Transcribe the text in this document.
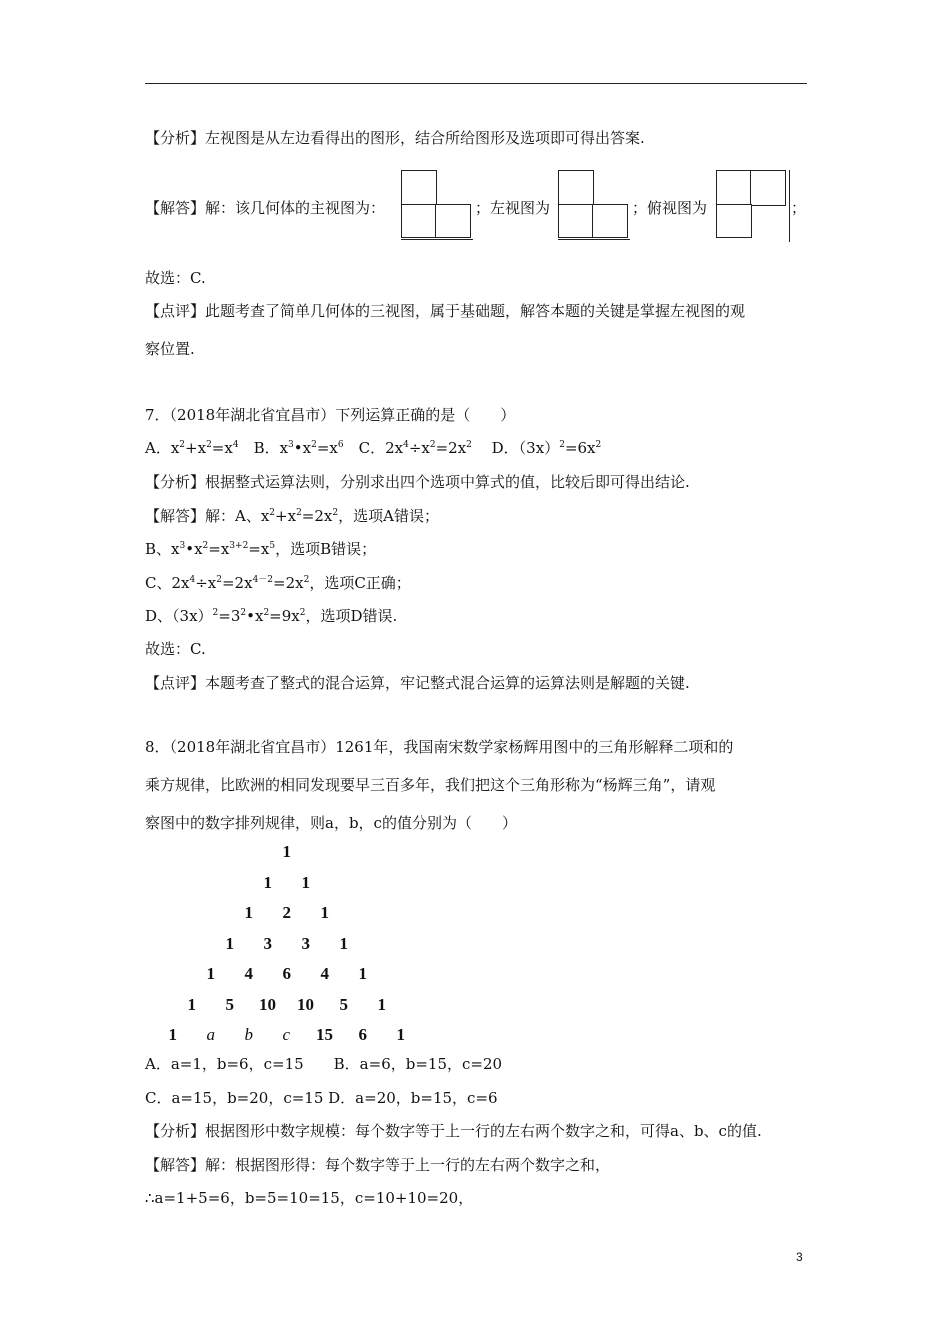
【分析】左视图是从左边看得出的图形，结合所给图形及选项即可得出答案.
【解答】解：该几何体的主视图为：	；左视图为	；俯视图为	；
故选：C.
【点评】此题考查了简单几何体的三视图，属于基础题，解答本题的关键是掌握左视图的观
察位置.
7．（2018年湖北省宜昌市）下列运算正确的是（　　）
A．$x^2+x^2=x^4$　B．$x^3•x^2=x^6$　C．$2x^4\div x^2=2x^2$　 D．$(3x)^2=6x^2$
【分析】根据整式运算法则，分别求出四个选项中算式的值，比较后即可得出结论.
【解答】解：A、$x^2+x^2=2x^2$，选项A错误；
B、$x^3•x^2=x^{3+2}=x^5$，选项B错误；
C、$2x^4\div x^2=2x^{4-2}=2x^2$，选项C正确；
D、$(3x)^2=3^2•x^2=9x^2$，选项D错误.
故选：C.
【点评】本题考查了整式的混合运算，牢记整式混合运算的运算法则是解题的关键.
8．（2018年湖北省宜昌市）1261年，我国南宋数学家杨辉用图中的三角形解释二项和的
乘方规律，比欧洲的相同发现要早三百多年，我们把这个三角形称为“杨辉三角”，请观
察图中的数字排列规律，则a，b，c的值分别为（　　）
1
1 1
1 2 1
1 3 3 1
1 4 6 4 1
1 5 10 10 5 1
1 a b c 15 6 1
A．a=1，b=6，c=15　　B．a=6，b=15，c=20
C．a=15，b=20，c=15 D．a=20，b=15，c=6
【分析】根据图形中数字规模：每个数字等于上一行的左右两个数字之和，可得a、b、c的值.
【解答】解：根据图形得：每个数字等于上一行的左右两个数字之和，
∴a=1+5=6，b=5=10=15，c=10+10=20，
3
